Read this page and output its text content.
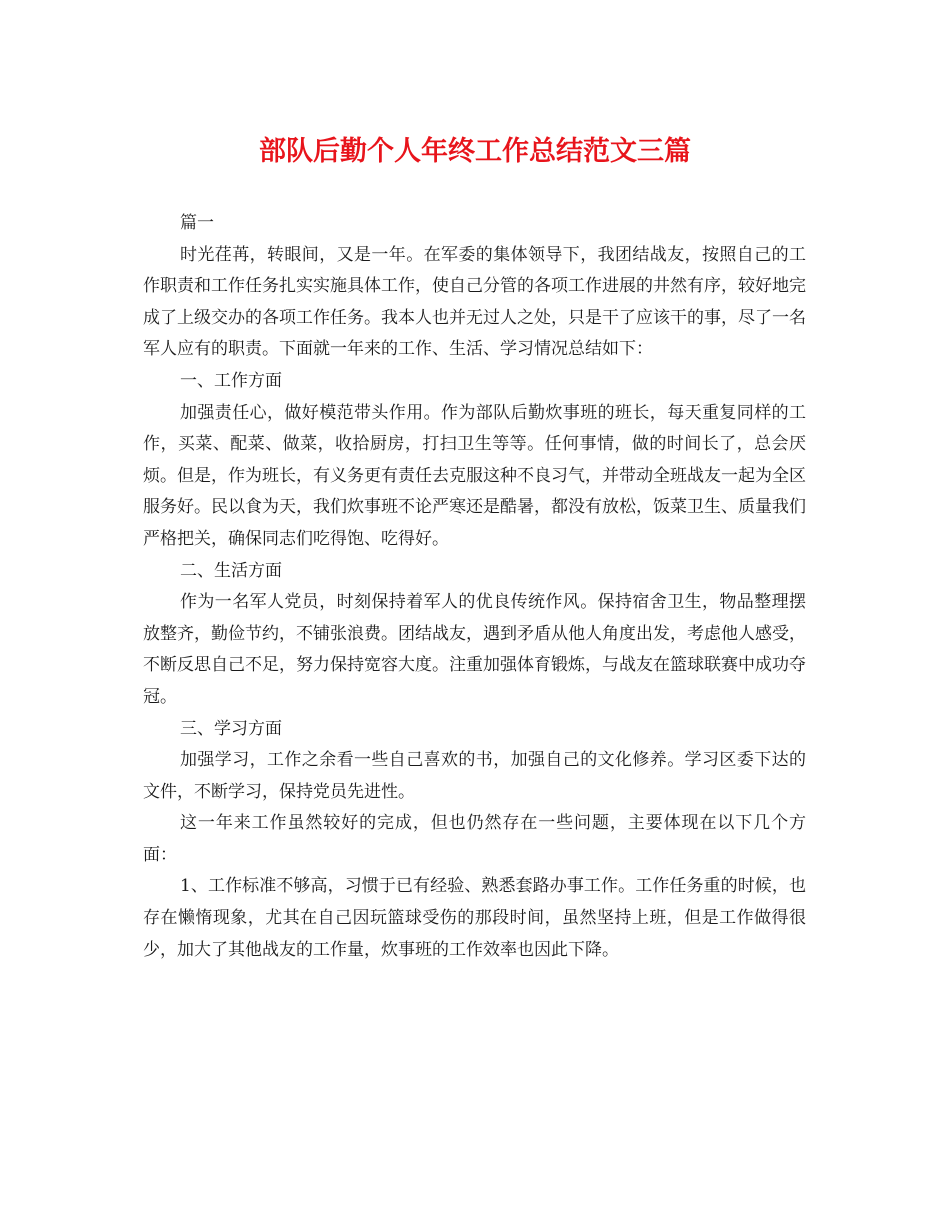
部队后勤个人年终工作总结范文三篇

篇一

时光荏苒，转眼间，又是一年。在军委的集体领导下，我团结战友，按照自己的工作职责和工作任务扎实实施具体工作，使自己分管的各项工作进展的井然有序，较好地完成了上级交办的各项工作任务。我本人也并无过人之处，只是干了应该干的事，尽了一名军人应有的职责。下面就一年来的工作、生活、学习情况总结如下：

一、工作方面

加强责任心，做好模范带头作用。作为部队后勤炊事班的班长，每天重复同样的工作，买菜、配菜、做菜，收拾厨房，打扫卫生等等。任何事情，做的时间长了，总会厌烦。但是，作为班长，有义务更有责任去克服这种不良习气，并带动全班战友一起为全区服务好。民以食为天，我们炊事班不论严寒还是酷暑，都没有放松，饭菜卫生、质量我们严格把关，确保同志们吃得饱、吃得好。

二、生活方面

作为一名军人党员，时刻保持着军人的优良传统作风。保持宿舍卫生，物品整理摆放整齐，勤俭节约，不铺张浪费。团结战友，遇到矛盾从他人角度出发，考虑他人感受，不断反思自己不足，努力保持宽容大度。注重加强体育锻炼，与战友在篮球联赛中成功夺冠。

三、学习方面

加强学习，工作之余看一些自己喜欢的书，加强自己的文化修养。学习区委下达的文件，不断学习，保持党员先进性。

这一年来工作虽然较好的完成，但也仍然存在一些问题，主要体现在以下几个方面：

1、工作标准不够高，习惯于已有经验、熟悉套路办事工作。工作任务重的时候，也存在懒惰现象，尤其在自己因玩篮球受伤的那段时间，虽然坚持上班，但是工作做得很少，加大了其他战友的工作量，炊事班的工作效率也因此下降。
